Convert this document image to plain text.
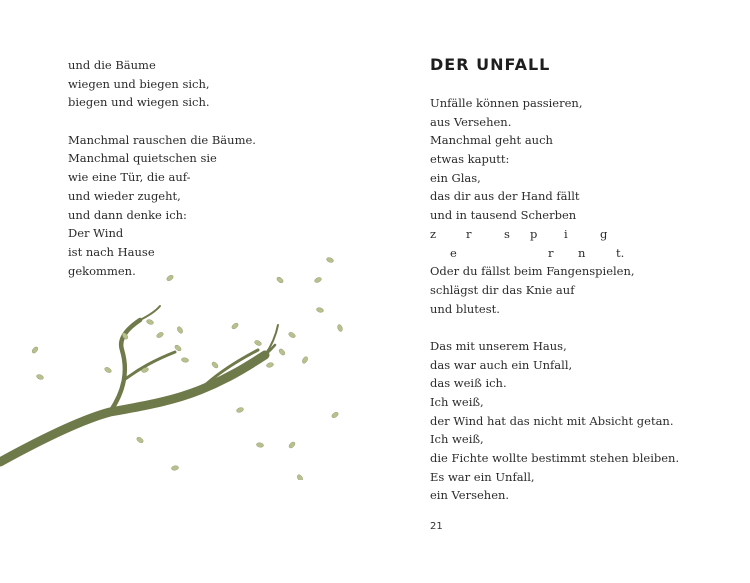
und die Bäume
wiegen und biegen sich,
biegen und wiegen sich.
Manchmal rauschen die Bäume.
Manchmal quietschen sie
wie eine Tür, die auf-
und wieder zugeht,
und dann denke ich:
Der Wind
ist nach Hause
gekommen.
DER UNFALL
Unfälle können passieren,
aus Versehen.
Manchmal geht auch
etwas kaputt:
ein Glas,
das dir aus der Hand fällt
und in tausend Scherben
z	r	s p i	g
e	r n	t.
Oder du fällst beim Fangenspielen,
schlägst dir das Knie auf
und blutest.
Das mit unserem Haus,
das war auch ein Unfall,
das weiß ich.
Ich weiß,
der Wind hat das nicht mit Absicht getan.
Ich weiß,
die Fichte wollte bestimmt stehen bleiben.
Es war ein Unfall,
ein Versehen.
21
